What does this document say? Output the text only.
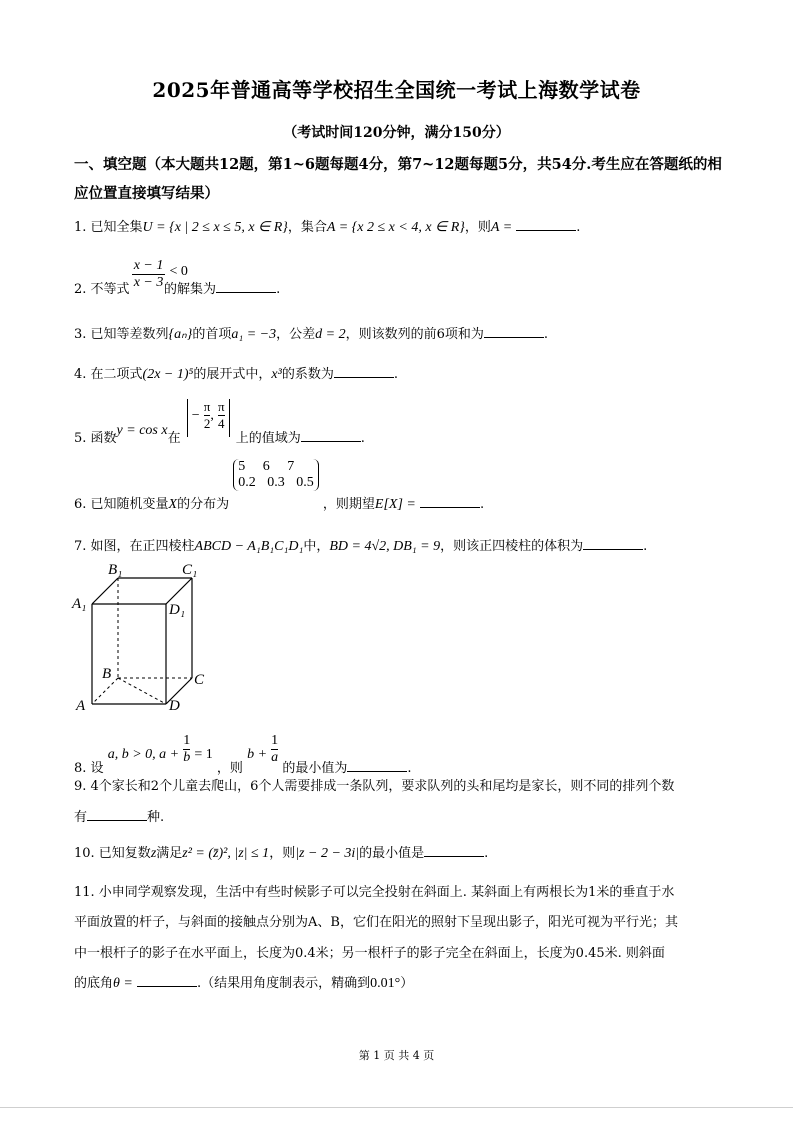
2025年普通高等学校招生全国统一考试上海数学试卷
（考试时间120分钟，满分150分）
一、填空题（本大题共12题，第1~6题每题4分，第7~12题每题5分，共54分.考生应在答题纸的相应位置直接填写结果）
1. 已知全集U = {x | 2 ≤ x ≤ 5, x ∈ R}，集合A = {x 2 ≤ x < 4, x ∈ R}，则A =	.
2. 不等式 $\frac{x - 1}{x - 3} < 0$ 的解集为	.
3. 已知等差数列{aₙ}的首项a₁ = −3，公差d = 2，则该数列的前6项和为	.
4. 在二项式(2x − 1)⁵的展开式中，x³的系数为	.
5. 函数y = cos x在 − $\frac{\pi}{2}$ , $\frac{\pi}{4}$
上的值域为	.
6. 已知随机变量X的分布为
5 6 7
0.2 0.3 0.5
，则期望E[X] =	.
7. 如图，在正四棱柱ABCD − A₁B₁C₁D₁中，BD = 4√2, DB₁ = 9，则该正四棱柱的体积为	.
B₁	C₁
A₁	D₁
B	C
A	D
8. 设 a, b > 0, $a + \frac{1}{b} = 1$ ，则 $b + \frac{1}{a}$
的最小值为	.
9. 4个家长和2个儿童去爬山，6个人需要排成一条队列，要求队列的头和尾均是家长，则不同的排列个数
有	种.
10. 已知复数z满足z² = (z̄)², |z| ≤ 1，则|z − 2 − 3i|的最小值是	.
11. 小申同学观察发现，生活中有些时候影子可以完全投射在斜面上. 某斜面上有两根长为1米的垂直于水
平面放置的杆子，与斜面的接触点分别为A、B，它们在阳光的照射下呈现出影子，阳光可视为平行光；其
中一根杆子的影子在水平面上，长度为0.4米；另一根杆子的影子完全在斜面上，长度为0.45米. 则斜面
的底角θ =	.（结果用角度制表示，精确到0.01°）
第 1 页 共 4 页
